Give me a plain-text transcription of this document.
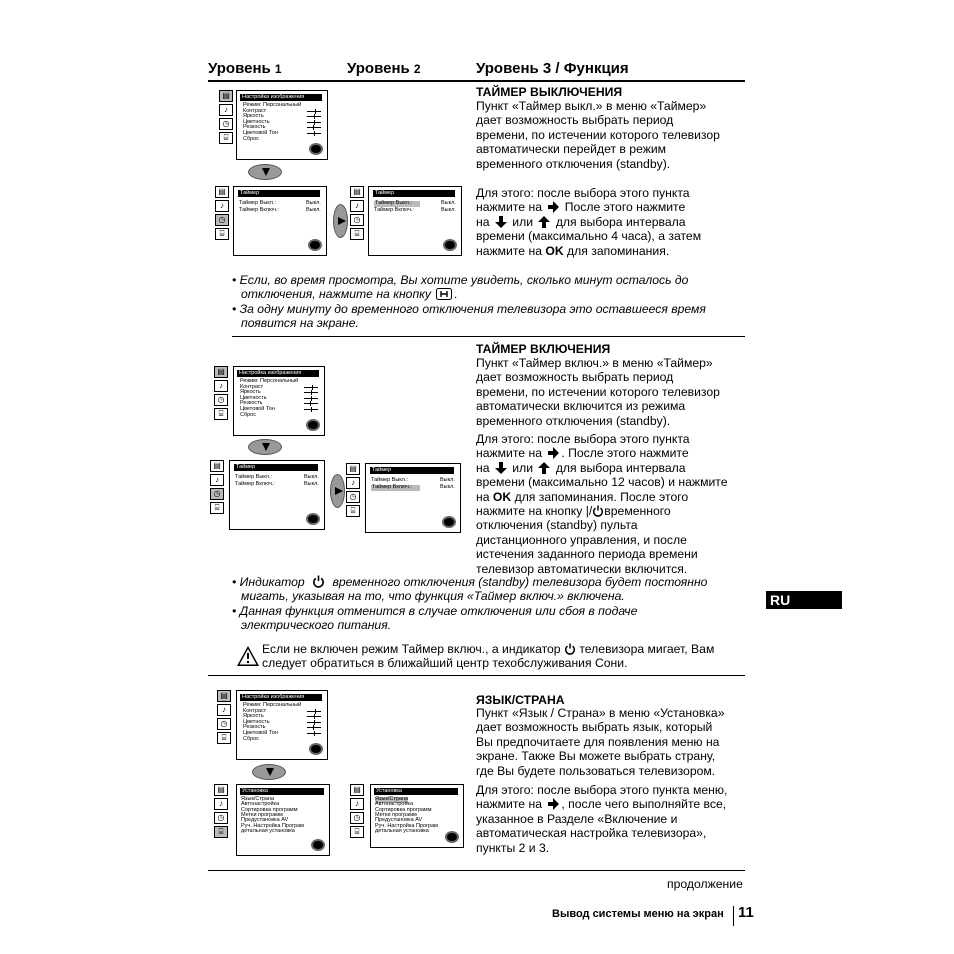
Уровень 1	Уровень 2	Уровень 3 / Функция
Настройка изображения
Режим: Персональный
Контраст
Яркость
Цветность
Резкость
Цветовой Тон
Сброс
▤
♪
◷
⌸
Таймер
Таймер Выкл.:	Выкл.
Таймер Включ.:	Выкл.
▤
♪
◷
⌸
Таймер
Таймер Выкл.:	Выкл.
Таймер Включ.:	Выкл.
▤
♪
◷
⌸
ТАЙМЕР ВЫКЛЮЧЕНИЯ

Пункт «Таймер выкл.» в меню «Таймер»

дает возможность выбрать период

времени, по истечении которого телевизор

автоматически перейдет в режим

временного отключения (standby).

Для этого: после выбора этого пункта

нажмите на После этого нажмите

на или для выбора интервала

времени (максимально 4 часа), а затем

нажмите на OK для запоминания.

• Если, во время просмотра, Вы хотите увидеть, сколько минут осталось до

отключения, нажмите на кнопку .

• За одну минуту до временного отключения телевизора это оставшееся время

появится на экране.

Настройка изображения
Режим: Персональный
Контраст
Яркость
Цветность
Резкость
Цветовой Тон
Сброс
▤
♪
◷
⌸
Таймер
Таймер Выкл.:	Выкл.
Таймер Включ.:	Выкл.
▤
♪
◷
⌸
Таймер
Таймер Выкл.:	Выкл.
Таймер Включ.:	Выкл.
▤
♪
◷
⌸
ТАЙМЕР ВКЛЮЧЕНИЯ

Пункт «Таймер включ.» в меню «Таймер»

дает возможность выбрать период

времени, по истечении которого телевизор

автоматически включится из режима

временного отключения (standby).

Для этого: после выбора этого пункта

нажмите на . После этого нажмите

на или для выбора интервала

времени (максимально 12 часов) и нажмите

на OK для запоминания. После этого

нажмите на кнопку |/ временного

отключения (standby) пульта

дистанционного управления, и после

истечения заданного периода времени

телевизор автоматически включится.

• Индикатор временного отключения (standby) телевизора будет постоянно

мигать, указывая на то, что функция «Таймер включ.» включена.

• Данная функция отменится в случае отключения или сбоя в подаче

электрического питания.

Если не включен режим Таймер включ., а индикатор телевизора мигает, Вам

следует обратиться в ближайший центр техобслуживания Сони.

RU
Настройка изображения
Режим: Персональный
Контраст
Яркость
Цветность
Резкость
Цветовой Тон
Сброс
▤
♪
◷
⌸
Установка
Язык/Страна
Автонастройка
Сортировка программ
Метки программ
Предустановка AV
Руч. Настройка Програм
детальная установка
▤
♪
◷
⌸
Установка
Язык/Страна
Автонастройка
Сортировка программ
Метки программ
Предустановка AV
Руч. Настройка Програм
детальная установка
▤
♪
◷
⌸
ЯЗЫК/СТРАНА

Пункт «Язык / Страна» в меню «Установка»

дает возможность выбрать язык, который

Вы предпочитаете для появления меню на

экране. Также Вы можете выбрать страну,

где Вы будете пользоваться телевизором.

Для этого: после выбора этого пункта меню,

нажмите на , после чего выполняйте все,

указанное в Разделе «Включение и

автоматическая настройка телевизора»,

пункты 2 и 3.

продолжение
Вывод системы меню на экран 11
